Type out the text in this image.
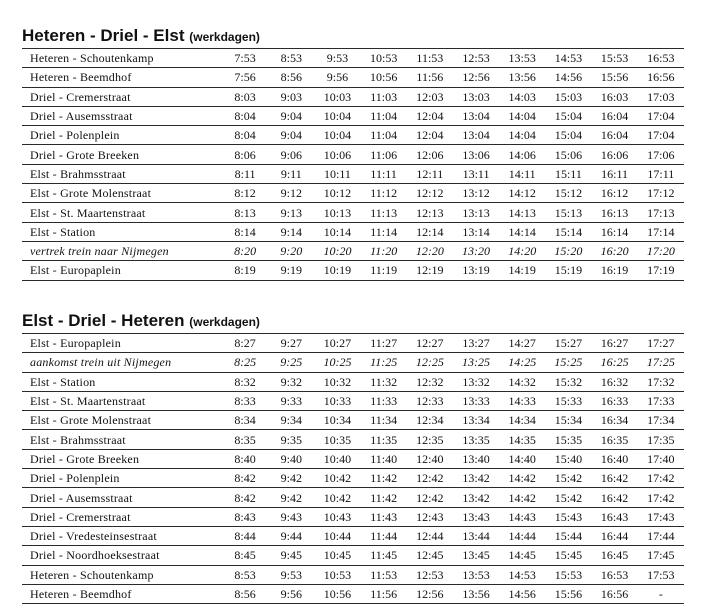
Heteren - Driel - Elst (werkdagen)
Heteren - Schoutenkamp	7:53	8:53	9:53	10:53	11:53	12:53	13:53	14:53	15:53	16:53
Heteren - Beemdhof	7:56	8:56	9:56	10:56	11:56	12:56	13:56	14:56	15:56	16:56
Driel - Cremerstraat	8:03	9:03	10:03	11:03	12:03	13:03	14:03	15:03	16:03	17:03
Driel - Ausemsstraat	8:04	9:04	10:04	11:04	12:04	13:04	14:04	15:04	16:04	17:04
Driel - Polenplein	8:04	9:04	10:04	11:04	12:04	13:04	14:04	15:04	16:04	17:04
Driel - Grote Breeken	8:06	9:06	10:06	11:06	12:06	13:06	14:06	15:06	16:06	17:06
Elst - Brahmsstraat	8:11	9:11	10:11	11:11	12:11	13:11	14:11	15:11	16:11	17:11
Elst - Grote Molenstraat	8:12	9:12	10:12	11:12	12:12	13:12	14:12	15:12	16:12	17:12
Elst - St. Maartenstraat	8:13	9:13	10:13	11:13	12:13	13:13	14:13	15:13	16:13	17:13
Elst - Station	8:14	9:14	10:14	11:14	12:14	13:14	14:14	15:14	16:14	17:14
vertrek trein naar Nijmegen	8:20	9:20	10:20	11:20	12:20	13:20	14:20	15:20	16:20	17:20
Elst - Europaplein	8:19	9:19	10:19	11:19	12:19	13:19	14:19	15:19	16:19	17:19
Elst - Driel - Heteren (werkdagen)
Elst - Europaplein	8:27	9:27	10:27	11:27	12:27	13:27	14:27	15:27	16:27	17:27
aankomst trein uit Nijmegen	8:25	9:25	10:25	11:25	12:25	13:25	14:25	15:25	16:25	17:25
Elst - Station	8:32	9:32	10:32	11:32	12:32	13:32	14:32	15:32	16:32	17:32
Elst - St. Maartenstraat	8:33	9:33	10:33	11:33	12:33	13:33	14:33	15:33	16:33	17:33
Elst - Grote Molenstraat	8:34	9:34	10:34	11:34	12:34	13:34	14:34	15:34	16:34	17:34
Elst - Brahmsstraat	8:35	9:35	10:35	11:35	12:35	13:35	14:35	15:35	16:35	17:35
Driel - Grote Breeken	8:40	9:40	10:40	11:40	12:40	13:40	14:40	15:40	16:40	17:40
Driel - Polenplein	8:42	9:42	10:42	11:42	12:42	13:42	14:42	15:42	16:42	17:42
Driel - Ausemsstraat	8:42	9:42	10:42	11:42	12:42	13:42	14:42	15:42	16:42	17:42
Driel - Cremerstraat	8:43	9:43	10:43	11:43	12:43	13:43	14:43	15:43	16:43	17:43
Driel - Vredesteinsestraat	8:44	9:44	10:44	11:44	12:44	13:44	14:44	15:44	16:44	17:44
Driel - Noordhoeksestraat	8:45	9:45	10:45	11:45	12:45	13:45	14:45	15:45	16:45	17:45
Heteren - Schoutenkamp	8:53	9:53	10:53	11:53	12:53	13:53	14:53	15:53	16:53	17:53
Heteren - Beemdhof	8:56	9:56	10:56	11:56	12:56	13:56	14:56	15:56	16:56	-
